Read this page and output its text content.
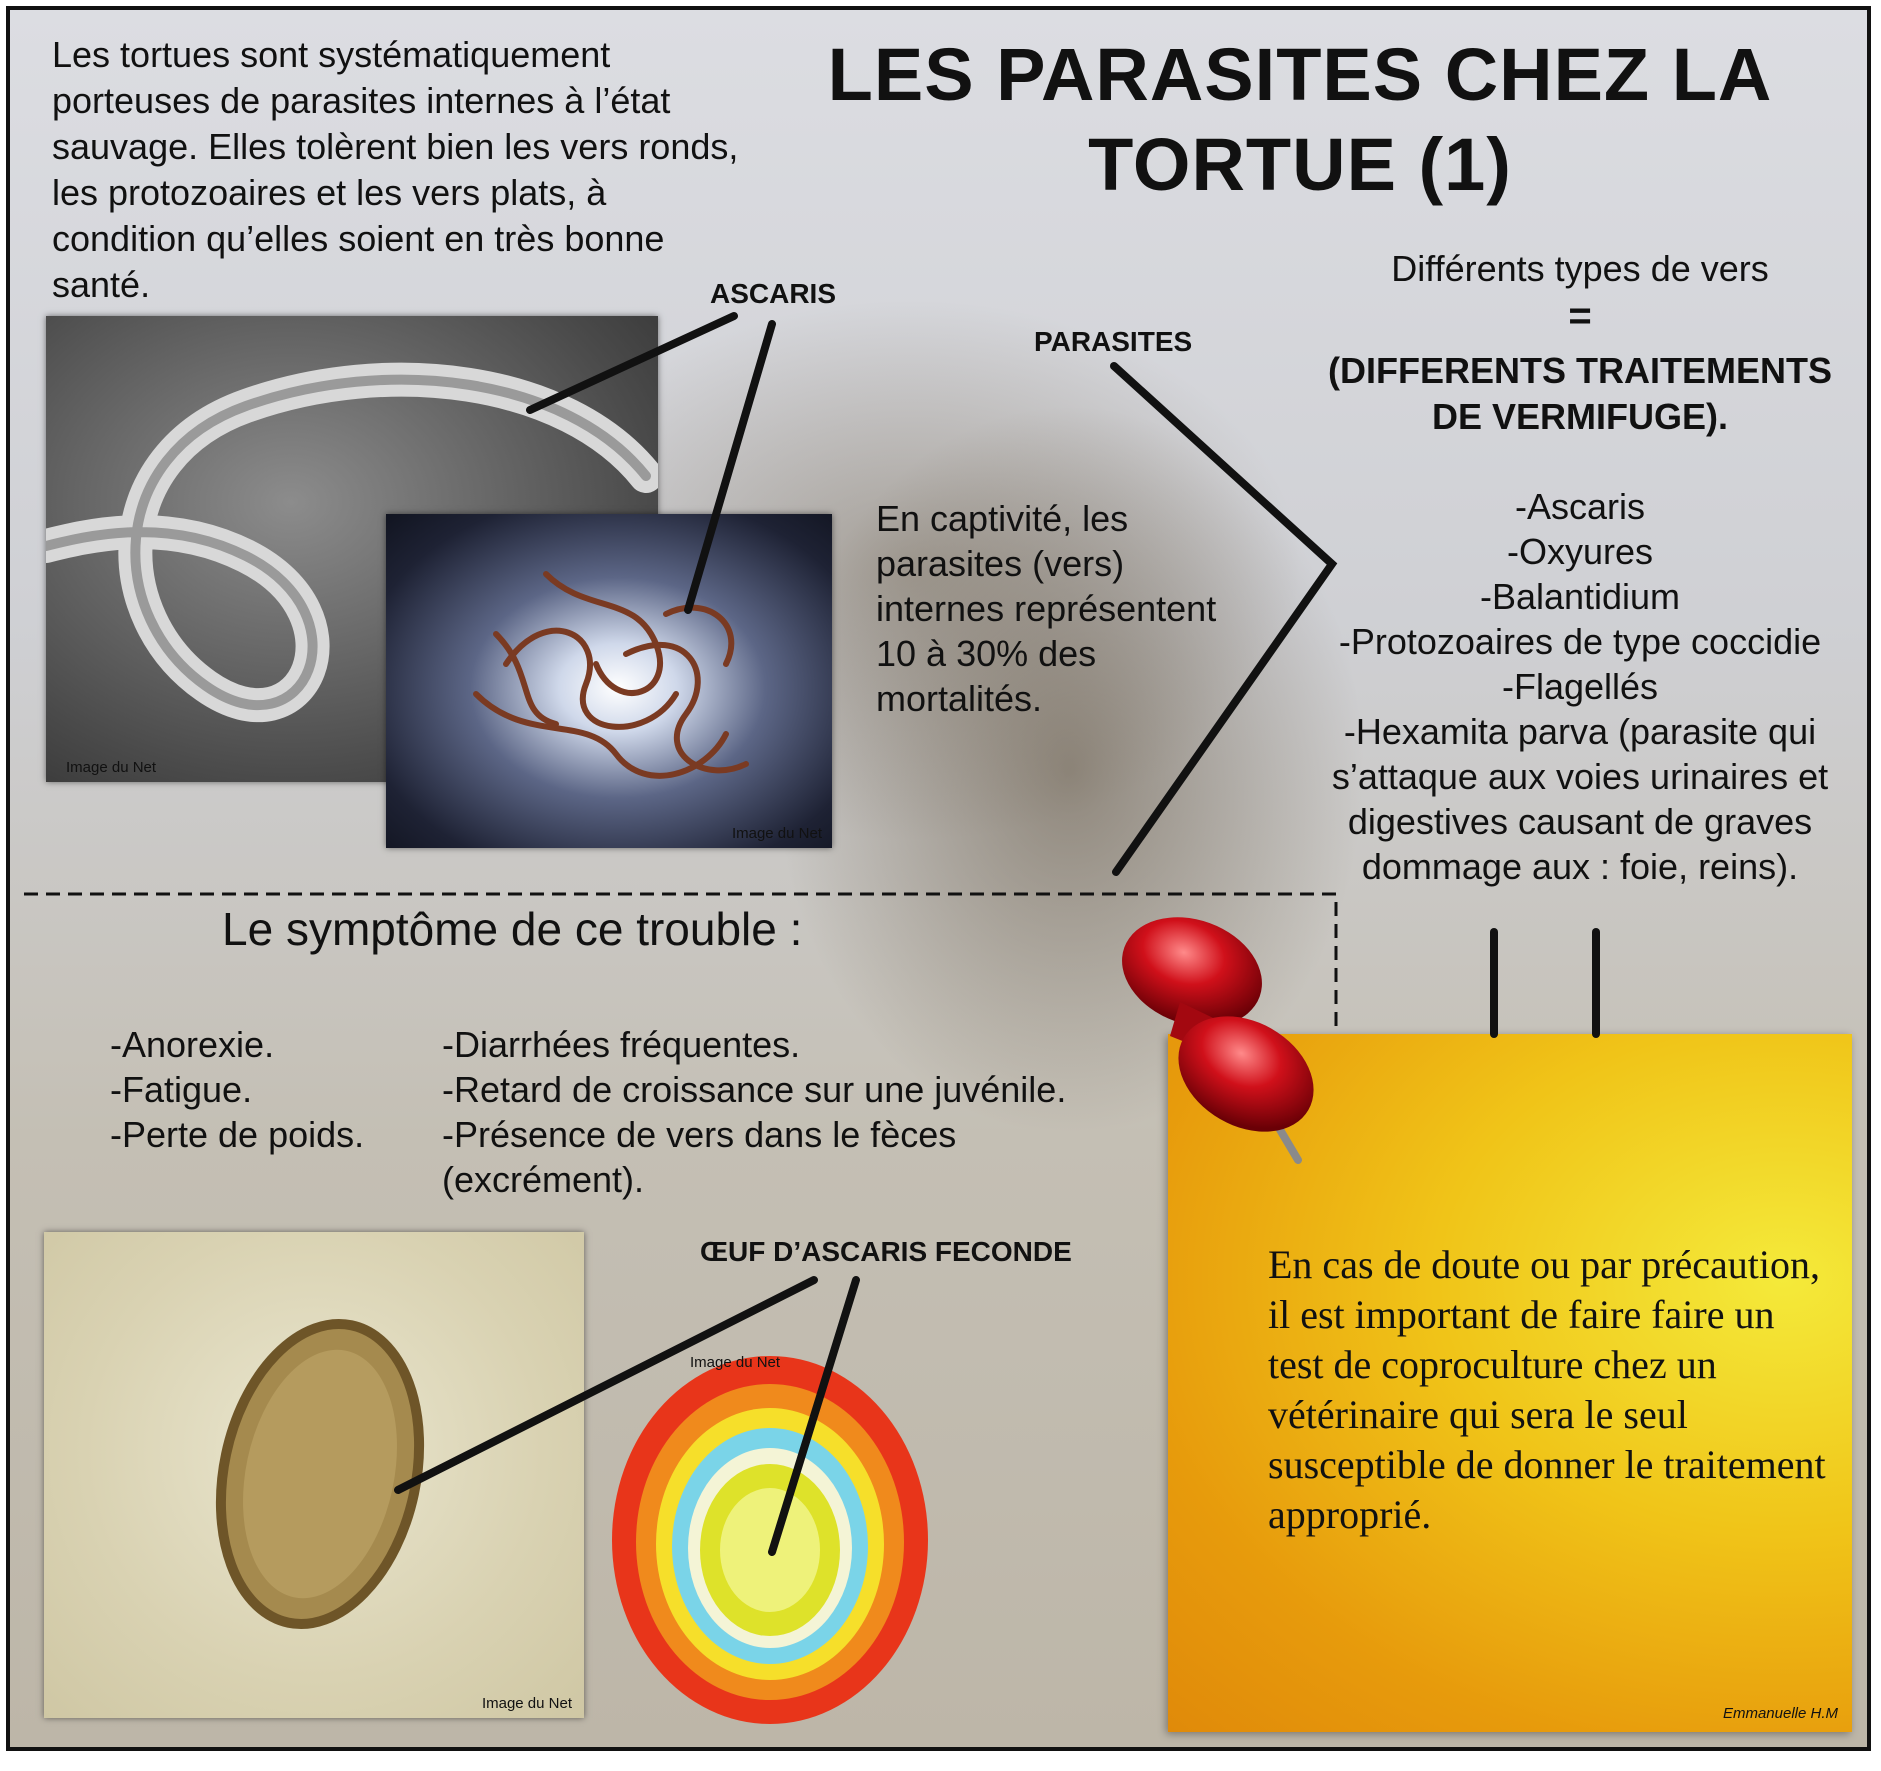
Les tortues sont systématiquement porteuses de parasites internes à l’état sauvage. Elles tolèrent bien les vers ronds, les protozoaires et les vers plats, à condition qu’elles soient en très bonne santé.
LES PARASITES CHEZ LA TORTUE (1)
Image du Net
Image du Net
ASCARIS
PARASITES
En captivité, les parasites (vers) internes représentent 10 à 30% des mortalités.
Différents types de vers
=
(DIFFERENTS TRAITEMENTS DE VERMIFUGE).
-Ascaris
-Oxyures
-Balantidium
-Protozoaires de type coccidie
-Flagellés
-Hexamita parva (parasite qui s’attaque aux voies urinaires et digestives causant de graves dommage aux : foie, reins).
Le symptôme de ce trouble :
-Anorexie.
-Fatigue.
-Perte de poids.
-Diarrhées fréquentes.
-Retard de croissance sur une juvénile.
-Présence de vers dans le fèces (excrément).
Image du Net
Image du Net
ŒUF D’ASCARIS FECONDE	En cas de doute ou par précaution, il est important de faire faire un test de coproculture chez un vétérinaire qui sera le seul susceptible de donner le traitement approprié.
Emmanuelle H.M
